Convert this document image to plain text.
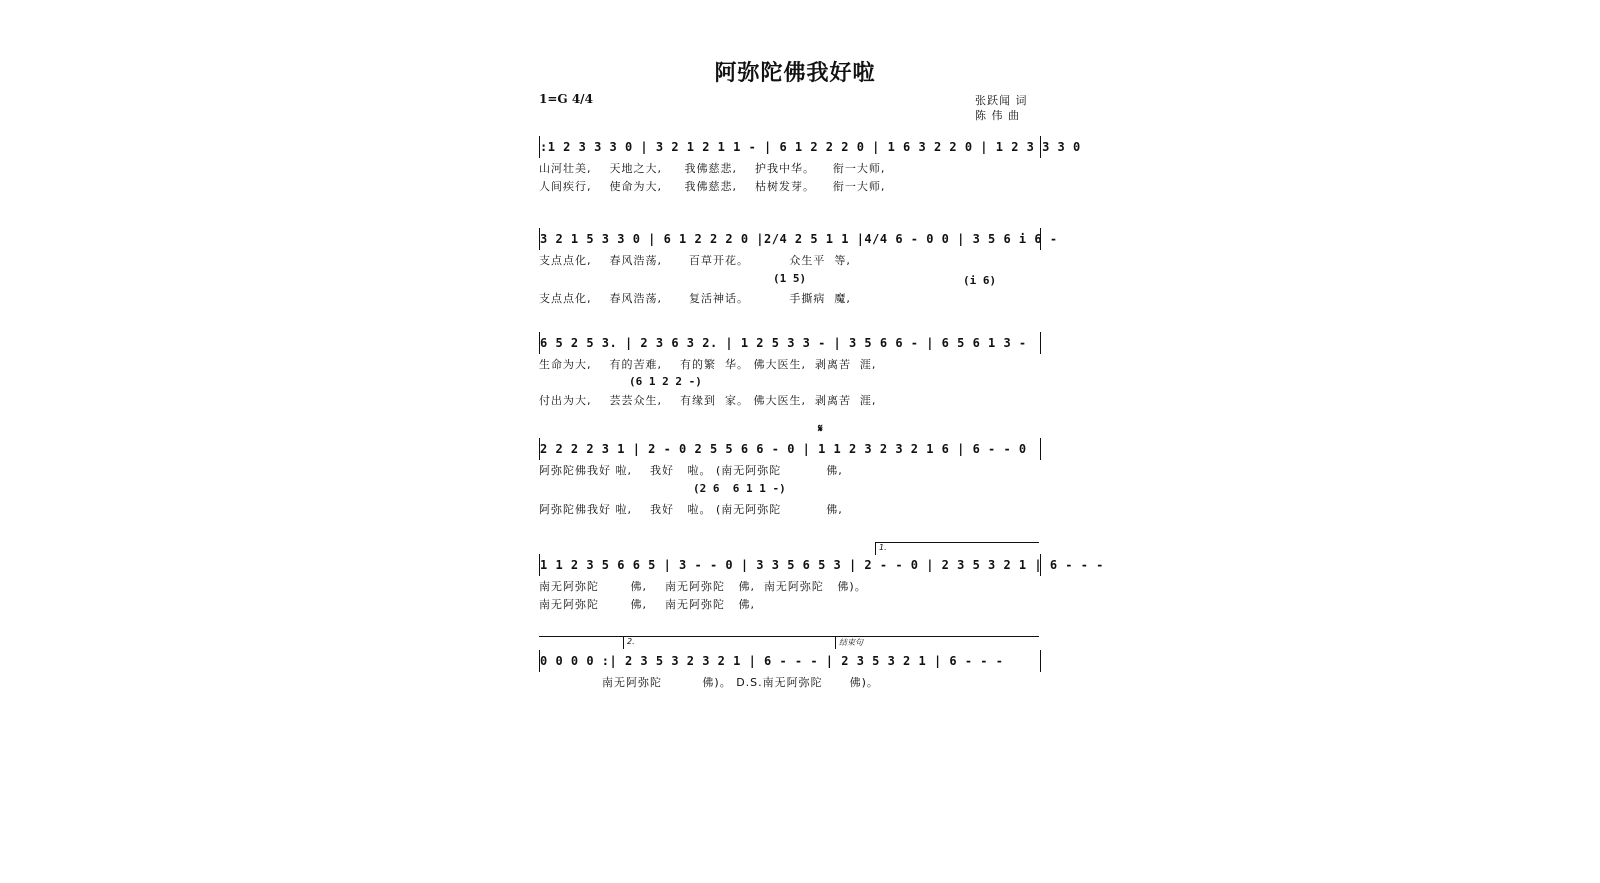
阿弥陀佛我好啦
1=G 4/4	张跃闻 词
陈 伟 曲
:1 2 3 3 3 0 | 3 2 1 2 1 1 - | 6 1 2 2 2 0 | 1 6 3 2 2 0 | 1 2 3 3 3 0
山河壮美,    天地之大,     我佛慈悲,    护我中华。    衔一大师,
人间疾行,    使命为大,     我佛慈悲,    枯树发芽。    衔一大师,
3 2 1 5 3 3 0 | 6 1 2 2 2 0 |2/4 2 5 1 1 |4/4 6 - 0 0 | 3 5 6 i 6 -
支点点化,    春风浩荡,      百草开花。         众生平  等,
(1 5)	(i 6)
支点点化,    春风浩荡,      复活神话。         手撕病  魔,
6 5 2 5 3. | 2 3 6 3 2. | 1 2 5 3 3 - | 3 5 6 6 - | 6 5 6 1 3 -
生命为大,    有的苦难,    有的繁  华。 佛大医生,  剥离苦  涯,
(6 1 2 2 -)
付出为大,    芸芸众生,    有缘到  家。 佛大医生,  剥离苦  涯,
𝄋
2 2 2 2 3 1 | 2 - 0 2 5 5 6 6 - 0 | 1 1 2 3 2 3 2 1 6 | 6 - - 0
阿弥陀佛我好 啦,    我好   啦。 (南无阿弥陀          佛,
(2 6  6 1 1 -)
阿弥陀佛我好 啦,    我好   啦。 (南无阿弥陀          佛,
1.
1 1 2 3 5 6 6 5 | 3 - - 0 | 3 3 5 6 5 3 | 2 - - 0 | 2 3 5 3 2 1 | 6 - - -
南无阿弥陀       佛,    南无阿弥陀   佛,  南无阿弥陀   佛)。
南无阿弥陀       佛,    南无阿弥陀   佛,
2.	结束句
0 0 0 0 :| 2 3 5 3 2 3 2 1 | 6 - - - | 2 3 5 3 2 1 | 6 - - -
南无阿弥陀         佛)。 D.S.南无阿弥陀      佛)。
